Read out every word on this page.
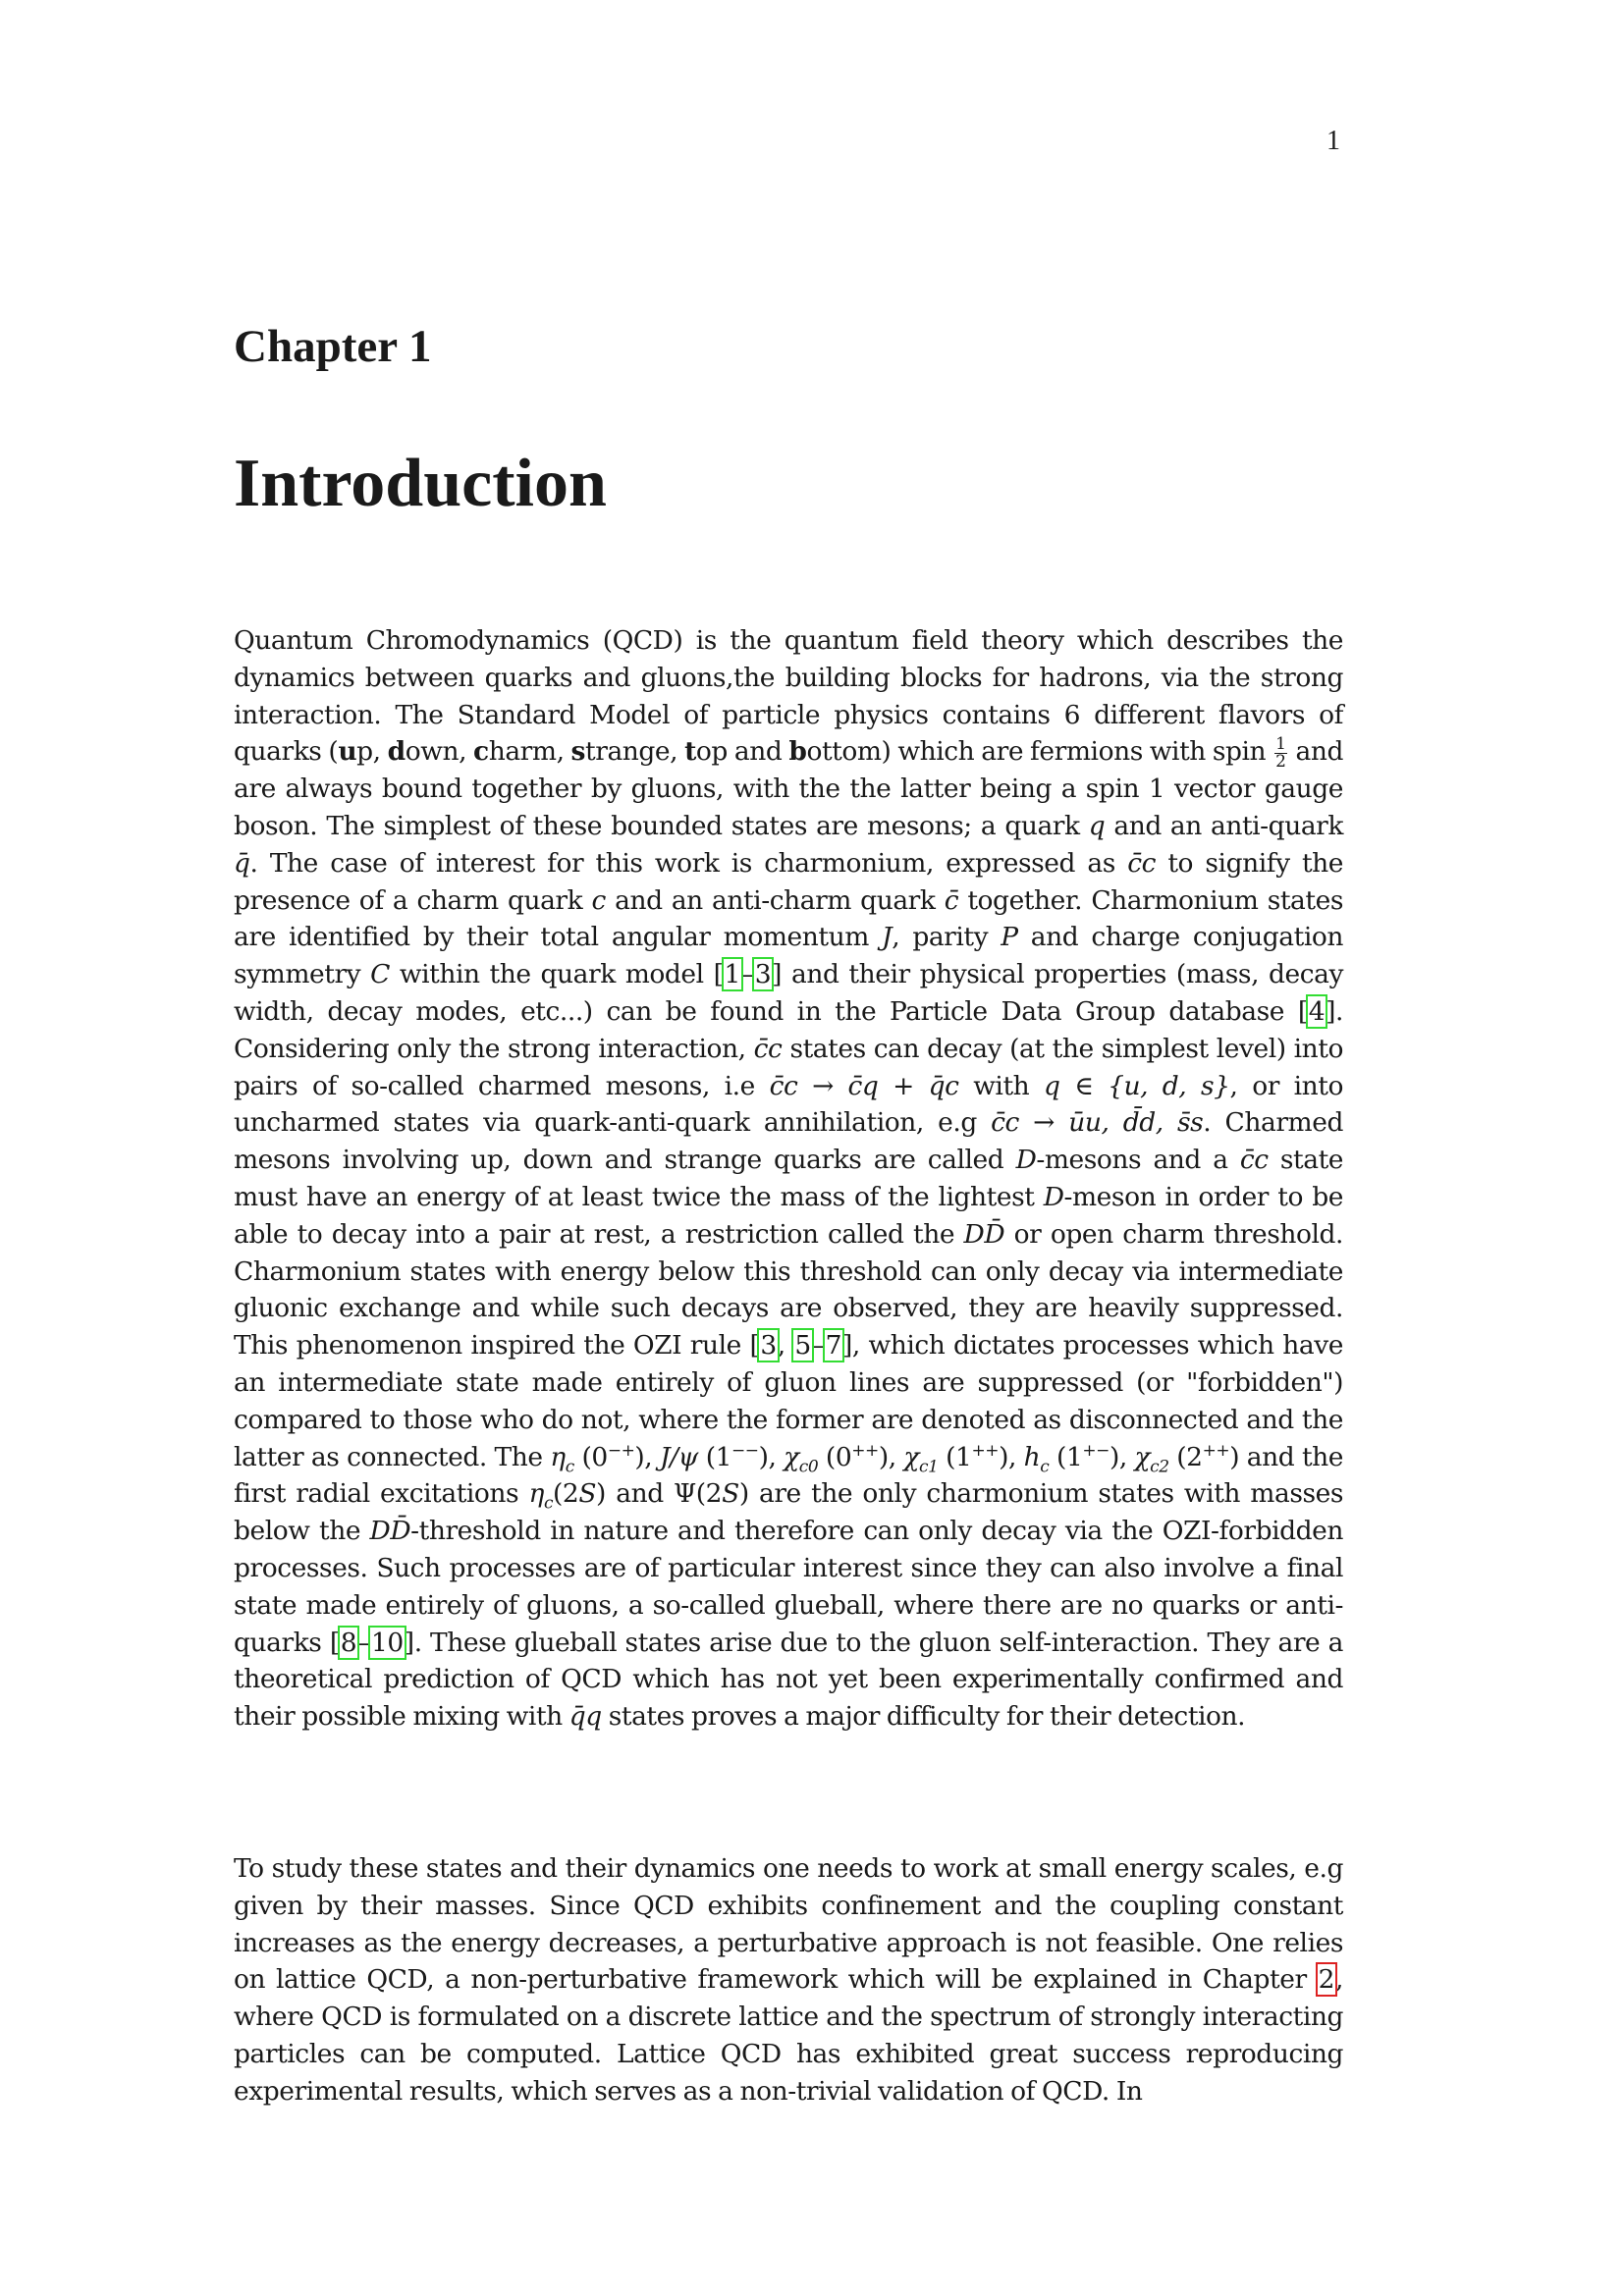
1
Chapter 1
Introduction

Quantum Chromodynamics (QCD) is the quantum field theory which describes the dynamics between quarks and gluons,the building blocks for hadrons, via the strong interaction. The Standard Model of particle physics contains 6 different flavors of quarks (up, down, charm, strange, top and bottom) which are fermions with spin $\frac{1}{2}$ and are always bound together by gluons, with the the latter being a spin 1 vector gauge boson. The simplest of these bounded states are mesons; a quark q and an anti-quark q̄. The case of interest for this work is charmonium, expressed as c̄c to signify the presence of a charm quark c and an anti-charm quark c̄ together. Charmonium states are identified by their total angular momentum J, parity P and charge conjugation symmetry C within the quark model [1–3] and their physical properties (mass, decay width, decay modes, etc...) can be found in the Particle Data Group database [4]. Considering only the strong interaction, c̄c states can decay (at the simplest level) into pairs of so-called charmed mesons, i.e c̄c → c̄q + q̄c with q ∈ {u, d, s}, or into uncharmed states via quark-anti-quark annihilation, e.g c̄c → ūu, d̄d, s̄s. Charmed mesons involving up, down and strange quarks are called D-mesons and a c̄c state must have an energy of at least twice the mass of the lightest D-meson in order to be able to decay into a pair at rest, a restriction called the DD̄ or open charm threshold. Charmonium states with energy below this threshold can only decay via intermediate gluonic exchange and while such decays are observed, they are heavily suppressed. This phenomenon inspired the OZI rule [3, 5–7], which dictates processes which have an intermediate state made entirely of gluon lines are suppressed (or "forbidden") compared to those who do not, where the former are denoted as disconnected and the latter as connected. The $\eta_c$ (0−+), J/ψ (1−−), $\chi_{c0}$ (0++), $\chi_{c1}$ (1++), $h_c$ (1+−), $\chi_{c2}$ (2++) and the first radial excitations $\eta_c(2S)$ and Ψ(2S) are the only charmonium states with masses below the DD̄-threshold in nature and therefore can only decay via the OZI-forbidden processes. Such processes are of particular interest since they can also involve a final state made entirely of gluons, a so-called glueball, where there are no quarks or anti-quarks [8–10]. These glueball states arise due to the gluon self-interaction. They are a theoretical prediction of QCD which has not yet been experimentally confirmed and their possible mixing with q̄q states proves a major difficulty for their detection.

To study these states and their dynamics one needs to work at small energy scales, e.g given by their masses. Since QCD exhibits confinement and the coupling constant increases as the energy decreases, a perturbative approach is not feasible. One relies on lattice QCD, a non-perturbative framework which will be explained in Chapter 2, where QCD is formulated on a discrete lattice and the spectrum of strongly interacting particles can be computed. Lattice QCD has exhibited great success reproducing experimental results, which serves as a non-trivial validation of QCD. In
